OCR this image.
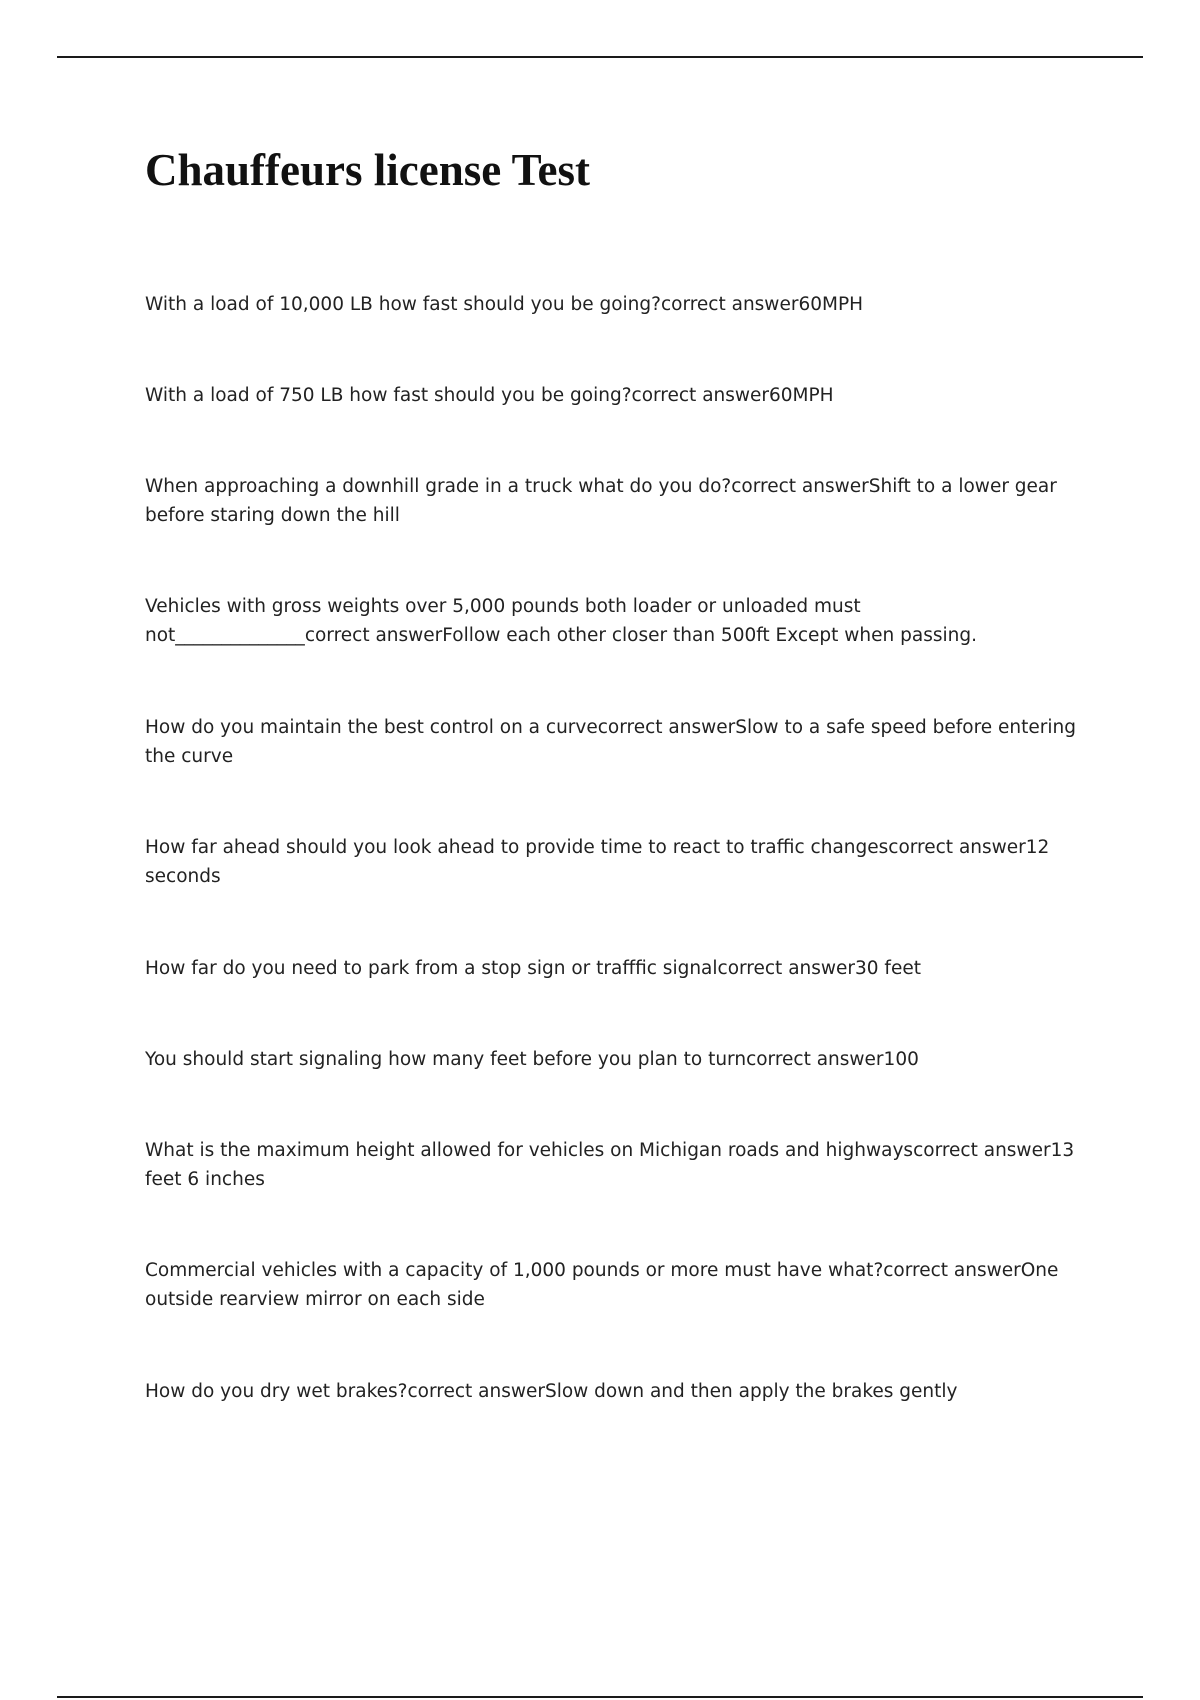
Chauffeurs license Test

With a load of 10,000 LB how fast should you be going?correct answer60MPH

With a load of 750 LB how fast should you be going?correct answer60MPH

When approaching a downhill grade in a truck what do you do?correct answerShift to a lower gear before staring down the hill

Vehicles with gross weights over 5,000 pounds both loader or unloaded must not______________correct answerFollow each other closer than 500ft Except when passing.

How do you maintain the best control on a curvecorrect answerSlow to a safe speed before entering the curve

How far ahead should you look ahead to provide time to react to traffic changescorrect answer12 seconds

How far do you need to park from a stop sign or trafffic signalcorrect answer30 feet

You should start signaling how many feet before you plan to turncorrect answer100

What is the maximum height allowed for vehicles on Michigan roads and highwayscorrect answer13 feet 6 inches

Commercial vehicles with a capacity of 1,000 pounds or more must have what?correct answerOne outside rearview mirror on each side

How do you dry wet brakes?correct answerSlow down and then apply the brakes gently
